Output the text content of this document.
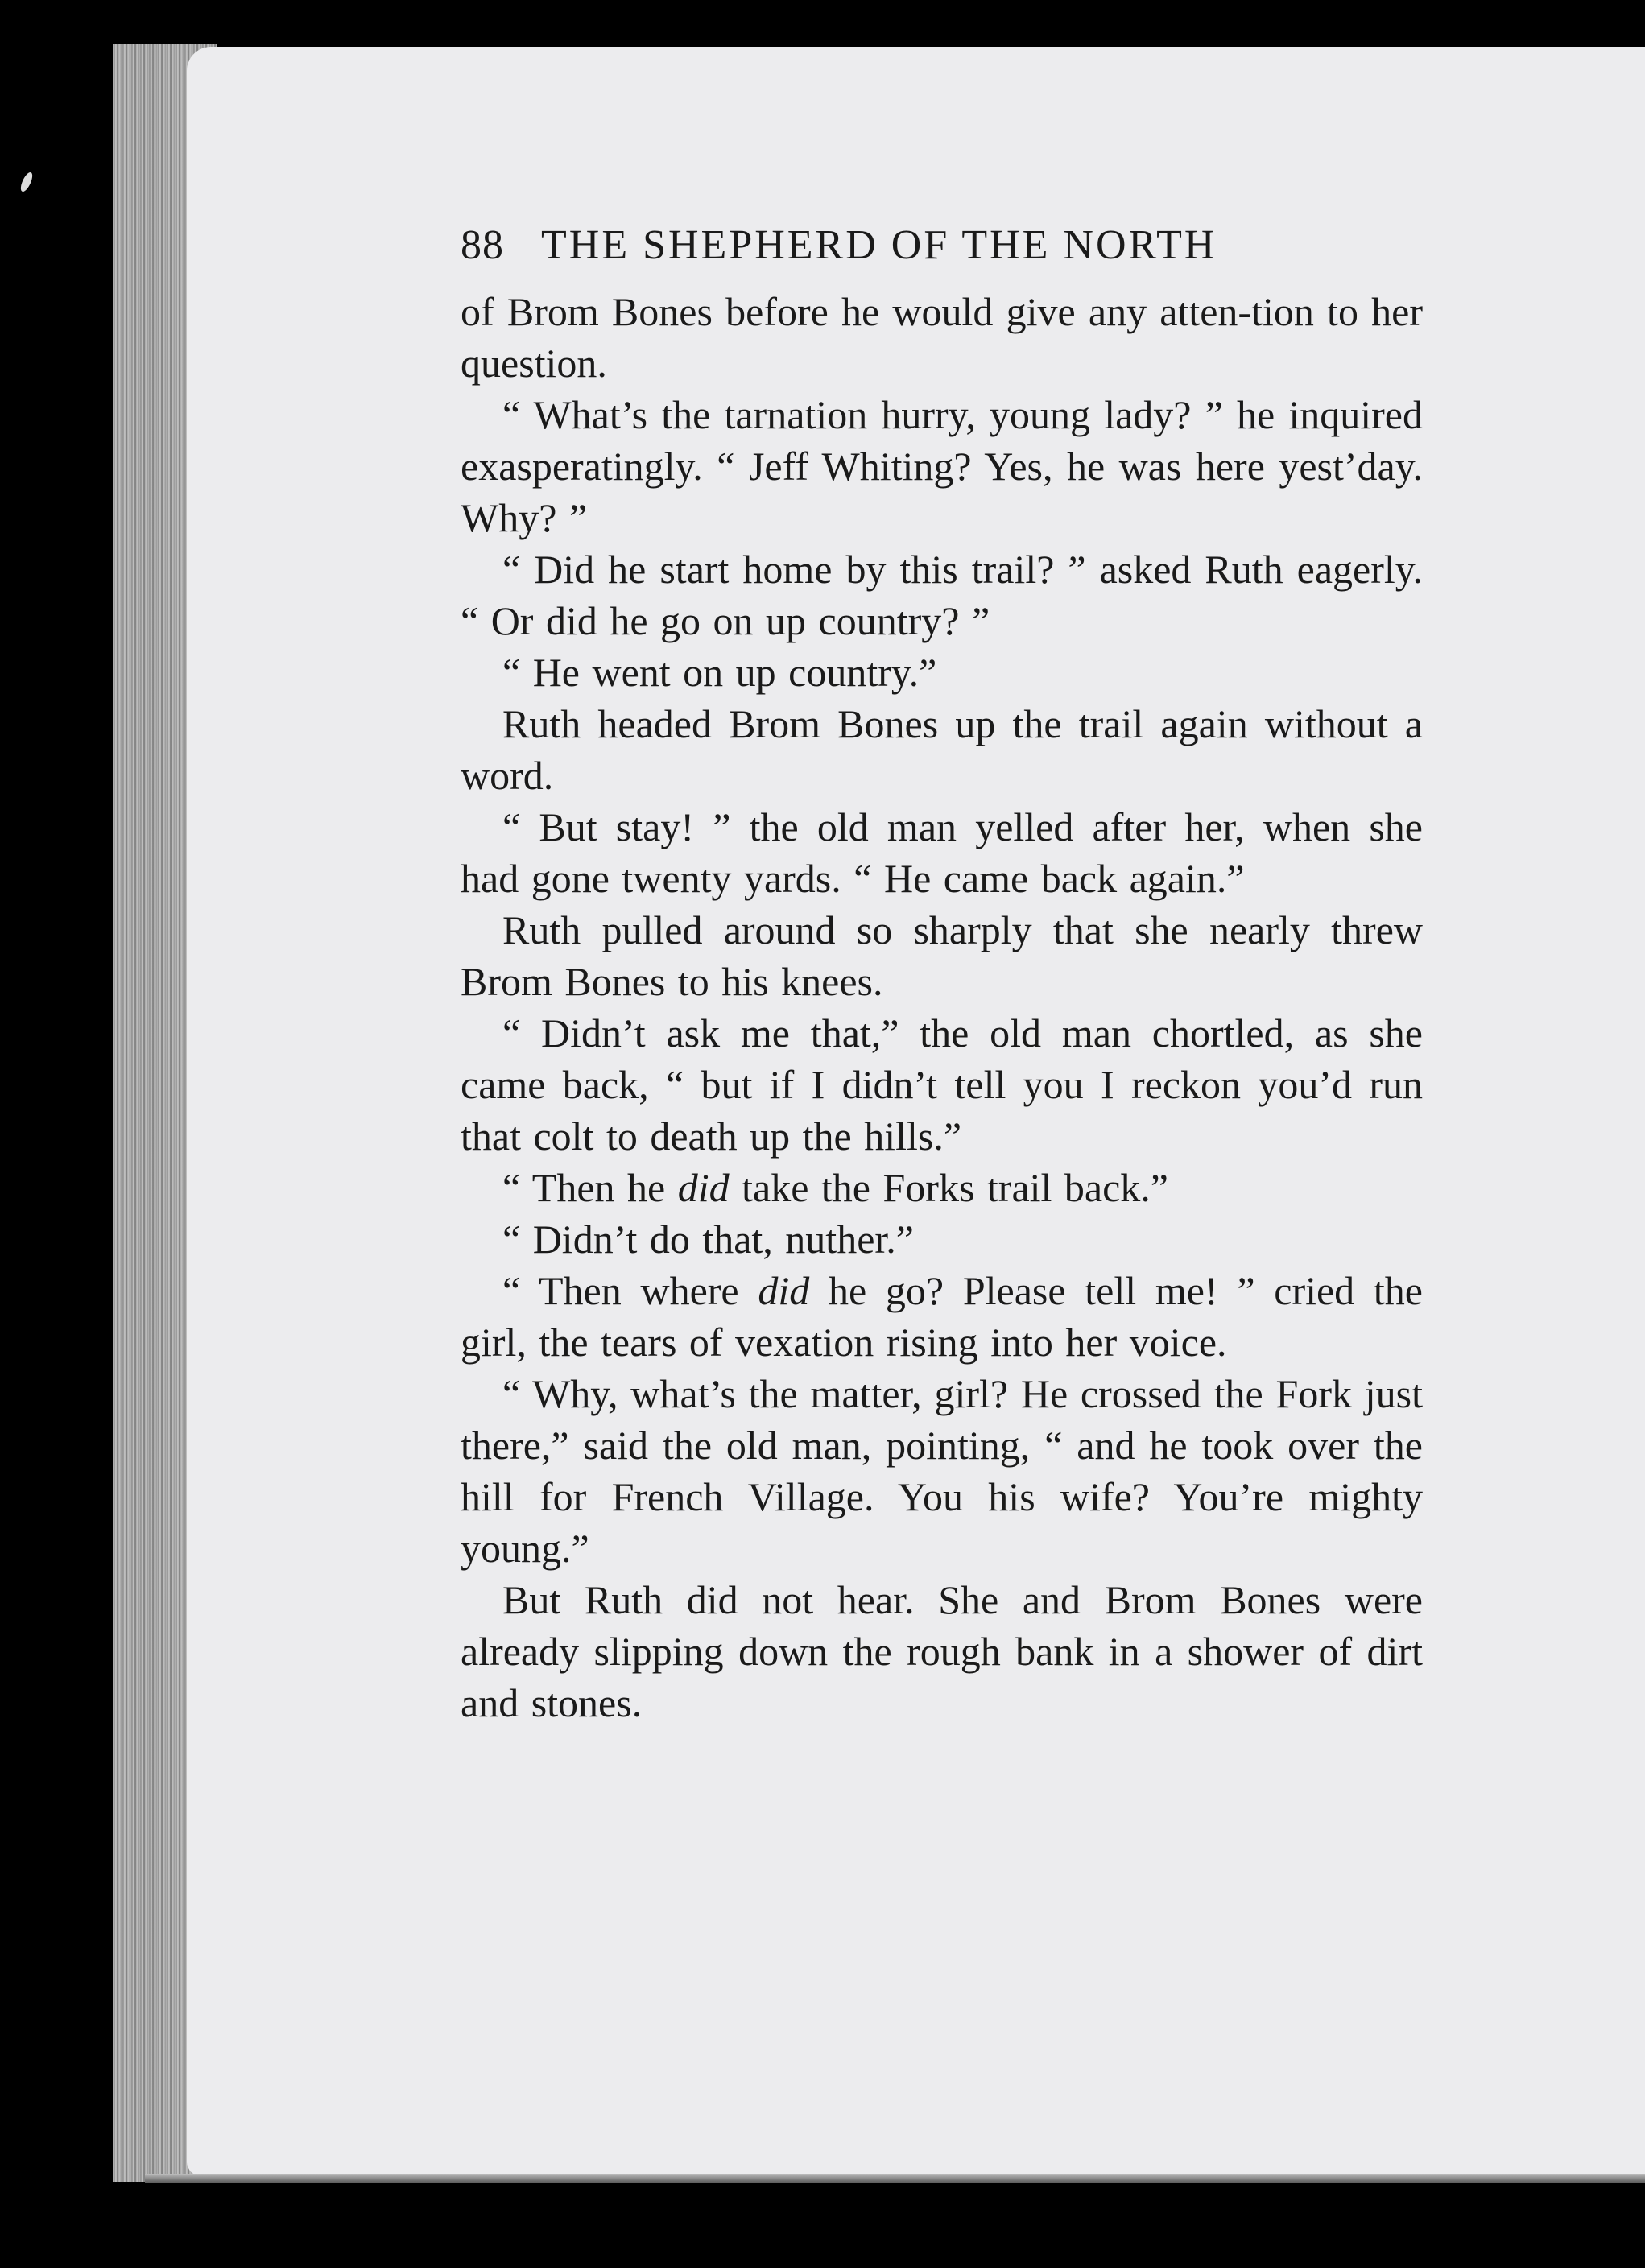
88 THE SHEPHERD OF THE NORTH

of Brom Bones before he would give any atten-tion to her question.

“ What’s the tarnation hurry, young lady? ” he inquired exasperatingly. “ Jeff Whiting? Yes, he was here yest’day. Why? ”

“ Did he start home by this trail? ” asked Ruth eagerly. “ Or did he go on up country? ”

“ He went on up country.”

Ruth headed Brom Bones up the trail again without a word.

“ But stay! ” the old man yelled after her, when she had gone twenty yards. “ He came back again.”

Ruth pulled around so sharply that she nearly threw Brom Bones to his knees.

“ Didn’t ask me that,” the old man chortled, as she came back, “ but if I didn’t tell you I reckon you’d run that colt to death up the hills.”

“ Then he did take the Forks trail back.”

“ Didn’t do that, nuther.”

“ Then where did he go? Please tell me! ” cried the girl, the tears of vexation rising into her voice.

“ Why, what’s the matter, girl? He crossed the Fork just there,” said the old man, pointing, “ and he took over the hill for French Village. You his wife? You’re mighty young.”

But Ruth did not hear. She and Brom Bones were already slipping down the rough bank in a shower of dirt and stones.
